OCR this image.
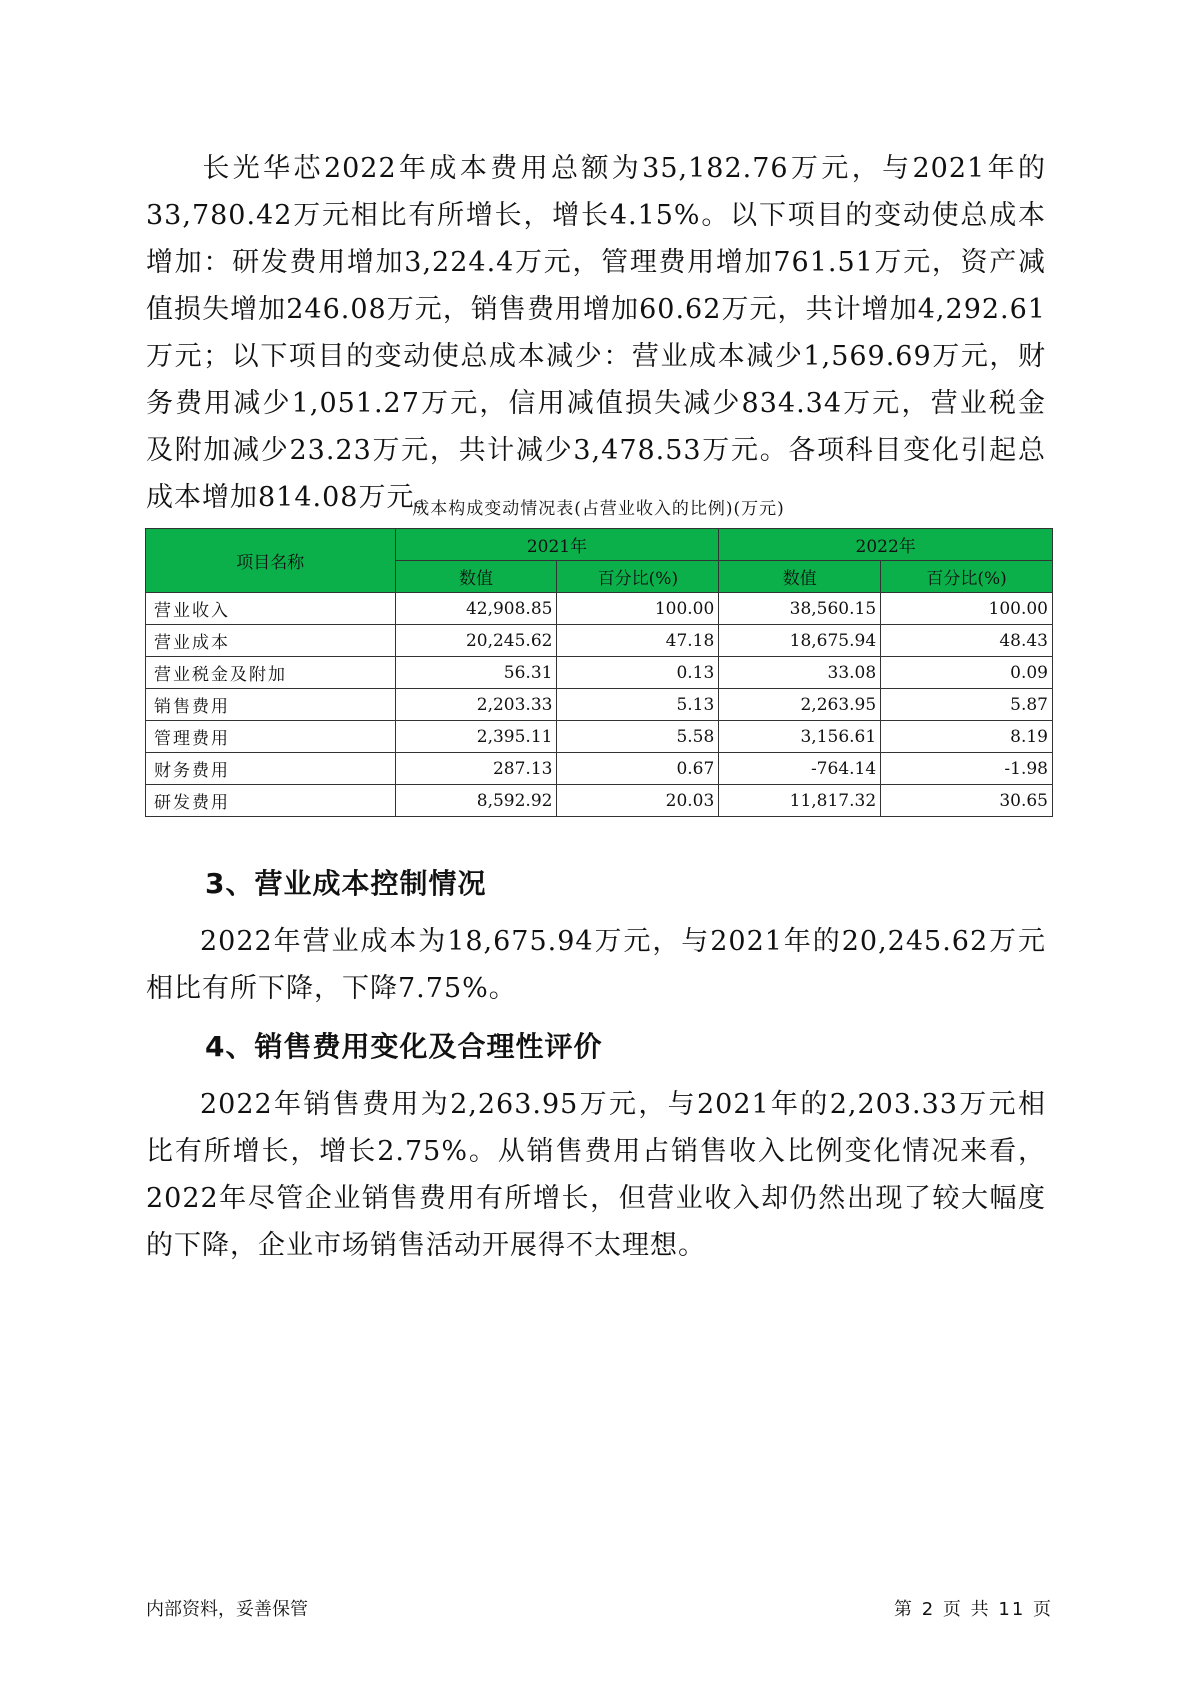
长光华芯2022年成本费用总额为35,182.76万元，与2021年的33,780.42万元相比有所增长，增长4.15%。以下项目的变动使总成本增加：研发费用增加3,224.4万元，管理费用增加761.51万元，资产减值损失增加246.08万元，销售费用增加60.62万元，共计增加4,292.61万元；以下项目的变动使总成本减少：营业成本减少1,569.69万元，财务费用减少1,051.27万元，信用减值损失减少834.34万元，营业税金及附加减少23.23万元，共计减少3,478.53万元。各项科目变化引起总成本增加814.08万元。

成本构成变动情况表(占营业收入的比例)(万元)
项目名称	2021年		2022年	
	数值	百分比(%)	数值	百分比(%)
营业收入	42,908.85	100.00	38,560.15	100.00
营业成本	20,245.62	47.18	18,675.94	48.43
营业税金及附加	56.31	0.13	33.08	0.09
销售费用	2,203.33	5.13	2,263.95	5.87
管理费用	2,395.11	5.58	3,156.61	8.19
财务费用	287.13	0.67	-764.14	-1.98
研发费用	8,592.92	20.03	11,817.32	30.65
3、营业成本控制情况

2022年营业成本为18,675.94万元，与2021年的20,245.62万元相比有所下降，下降7.75%。

4、销售费用变化及合理性评价

2022年销售费用为2,263.95万元，与2021年的2,203.33万元相比有所增长，增长2.75%。从销售费用占销售收入比例变化情况来看，2022年尽管企业销售费用有所增长，但营业收入却仍然出现了较大幅度的下降，企业市场销售活动开展得不太理想。

内部资料，妥善保管	第 2 页 共 11 页
